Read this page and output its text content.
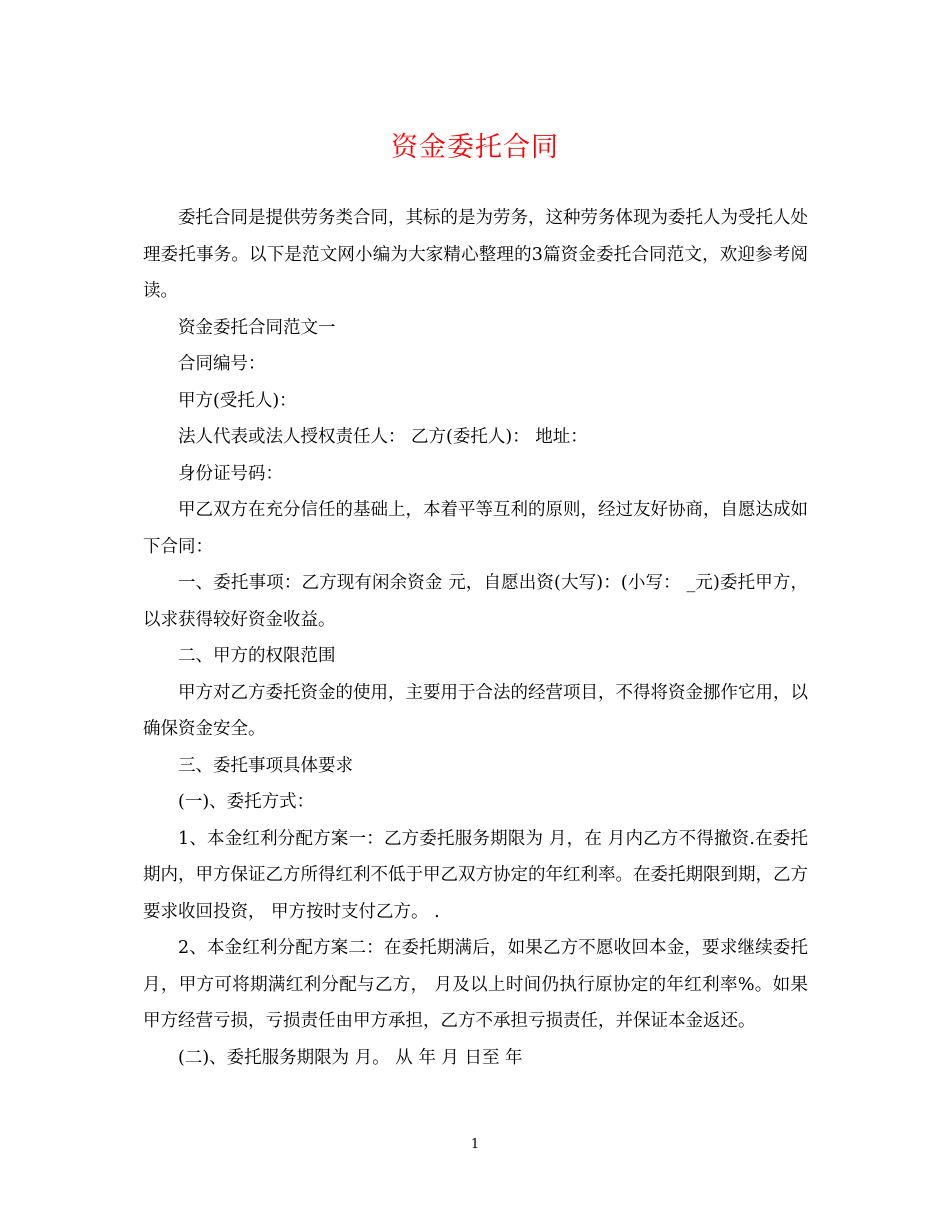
资金委托合同

委托合同是提供劳务类合同，其标的是为劳务，这种劳务体现为委托人为受托人处理委托事务。以下是范文网小编为大家精心整理的3篇资金委托合同范文，欢迎参考阅读。

资金委托合同范文一

合同编号：

甲方(受托人)：

法人代表或法人授权责任人： 乙方(委托人)： 地址：

身份证号码：

甲乙双方在充分信任的基础上，本着平等互利的原则，经过友好协商，自愿达成如下合同：

一、委托事项：乙方现有闲余资金 元，自愿出资(大写)：(小写： _元)委托甲方，以求获得较好资金收益。

二、甲方的权限范围

甲方对乙方委托资金的使用，主要用于合法的经营项目，不得将资金挪作它用，以确保资金安全。

三、委托事项具体要求

(一)、委托方式：

1、本金红利分配方案一：乙方委托服务期限为 月，在 月内乙方不得撤资.在委托期内，甲方保证乙方所得红利不低于甲乙双方协定的年红利率。在委托期限到期，乙方要求收回投资， 甲方按时支付乙方。 .

2、本金红利分配方案二：在委托期满后，如果乙方不愿收回本金，要求继续委托 月，甲方可将期满红利分配与乙方， 月及以上时间仍执行原协定的年红利率%。如果甲方经营亏损，亏损责任由甲方承担，乙方不承担亏损责任，并保证本金返还。

(二)、委托服务期限为 月。 从 年 月 日至 年

1
